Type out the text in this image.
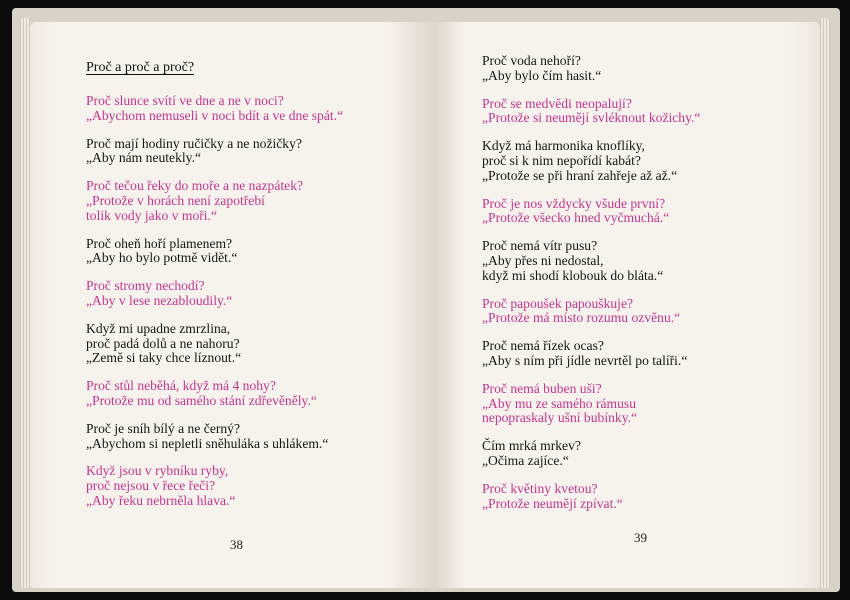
Proč a proč a proč?
Proč slunce svítí ve dne a ne v noci?
„Abychom nemuseli v noci bdít a ve dne spát.“
Proč mají hodiny ručičky a ne nožičky?
„Aby nám neutekly.“
Proč tečou řeky do moře a ne nazpátek?
„Protože v horách není zapotřebí
tolik vody jako v moři.“
Proč oheň hoří plamenem?
„Aby ho bylo potmě vidět.“
Proč stromy nechodí?
„Aby v lese nezabloudily.“
Když mi upadne zmrzlina,
proč padá dolů a ne nahoru?
„Země si taky chce líznout.“
Proč stůl neběhá, když má 4 nohy?
„Protože mu od samého stání zdřevěněly.“
Proč je sníh bílý a ne černý?
„Abychom si nepletli sněhuláka s uhlákem.“
Když jsou v rybníku ryby,
proč nejsou v řece řeči?
„Aby řeku nebrněla hlava.“
38
Proč voda nehoří?
„Aby bylo čím hasit.“
Proč se medvědi neopalují?
„Protože si neumějí svléknout kožichy.“
Když má harmonika knoflíky,
proč si k nim nepořídí kabát?
„Protože se při hraní zahřeje až až.“
Proč je nos vždycky všude první?
„Protože všecko hned vyčmuchá.“
Proč nemá vítr pusu?
„Aby přes ni nedostal,
když mi shodí klobouk do bláta.“
Proč papoušek papouškuje?
„Protože má místo rozumu ozvěnu.“
Proč nemá řízek ocas?
„Aby s ním při jídle nevrtěl po talíři.“
Proč nemá buben uši?
„Aby mu ze samého rámusu
nepopraskaly ušní bubínky.“
Čím mrká mrkev?
„Očima zajíce.“
Proč květiny kvetou?
„Protože neumějí zpívat.“
39
